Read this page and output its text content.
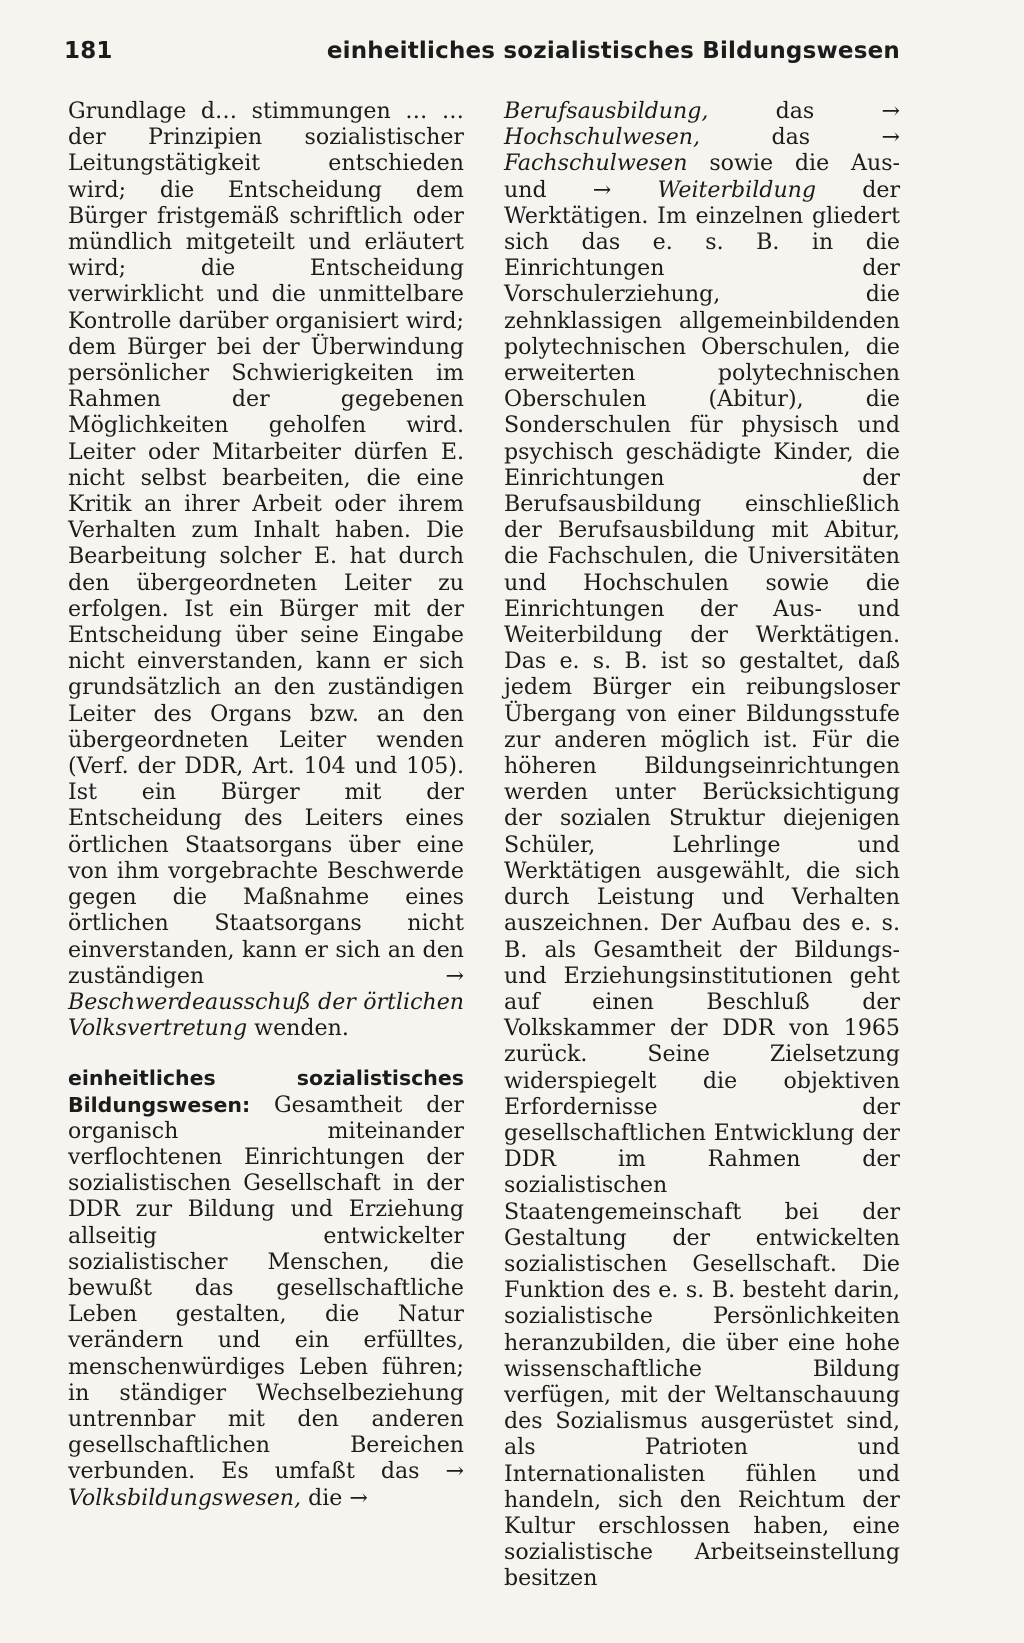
181	einheitliches sozialistisches Bildungswesen

Grundlage d… stimmungen … … der Prinzipien sozialistischer Leitungstätigkeit entschieden wird; die Entscheidung dem Bürger fristgemäß schriftlich oder mündlich mitgeteilt und erläutert wird; die Entscheidung verwirklicht und die unmittelbare Kontrolle darüber organisiert wird; dem Bürger bei der Überwindung persönlicher Schwierigkeiten im Rahmen der gegebenen Möglichkeiten geholfen wird. Leiter oder Mitarbeiter dürfen E. nicht selbst bearbeiten, die eine Kritik an ihrer Arbeit oder ihrem Verhalten zum Inhalt haben. Die Bearbeitung solcher E. hat durch den übergeordneten Leiter zu erfolgen. Ist ein Bürger mit der Entscheidung über seine Eingabe nicht einverstanden, kann er sich grundsätzlich an den zuständigen Leiter des Organs bzw. an den übergeordneten Leiter wenden (Verf. der DDR, Art. 104 und 105). Ist ein Bürger mit der Entscheidung des Leiters eines örtlichen Staatsorgans über eine von ihm vorgebrachte Beschwerde gegen die Maßnahme eines örtlichen Staatsorgans nicht einverstanden, kann er sich an den zuständigen	→ Beschwerdeausschuß der örtlichen Volksvertretung wenden.

einheitliches sozialistisches Bildungswesen: Gesamtheit der organisch miteinander verflochtenen Einrichtungen der sozialistischen Gesellschaft in der DDR zur Bildung und Erziehung allseitig entwickelter sozialistischer Menschen, die bewußt das gesellschaftliche Leben gestalten, die Natur verändern und ein erfülltes, menschenwürdiges Leben führen; in ständiger Wechselbeziehung untrennbar mit den anderen gesellschaftlichen Bereichen verbunden. Es umfaßt das → Volksbildungswesen, die →

Berufsausbildung,	das	→ Hochschulwesen,	das	→ Fachschulwesen sowie die Aus- und → Weiterbildung der Werktätigen. Im einzelnen gliedert sich das e. s. B. in die Einrichtungen der Vorschulerziehung, die zehnklassigen allgemeinbildenden polytechnischen Oberschulen, die erweiterten polytechnischen Oberschulen (Abitur), die Sonderschulen für physisch und psychisch geschädigte Kinder, die Einrichtungen der Berufsausbildung einschließlich der Berufsausbildung mit Abitur, die Fachschulen, die Universitäten und Hochschulen sowie die Einrichtungen der Aus- und Weiterbildung der Werktätigen. Das e. s. B. ist so gestaltet, daß jedem Bürger ein reibungsloser Übergang von einer Bildungsstufe zur anderen möglich ist. Für die höheren Bildungseinrichtungen werden unter Berücksichtigung der sozialen Struktur diejenigen Schüler, Lehrlinge und Werktätigen ausgewählt, die sich durch Leistung und Verhalten auszeichnen. Der Aufbau des e. s. B. als Gesamtheit der Bildungs- und Erziehungsinstitutionen geht auf einen Beschluß der Volkskammer der DDR von 1965 zurück. Seine Zielsetzung widerspiegelt die objektiven Erfordernisse der gesellschaftlichen Entwicklung der DDR im Rahmen der sozialistischen Staatengemeinschaft bei der Gestaltung der entwickelten sozialistischen Gesellschaft. Die Funktion des e. s. B. besteht darin, sozialistische Persönlichkeiten heranzubilden, die über eine hohe wissenschaftliche Bildung verfügen, mit der Weltanschauung des Sozialismus ausgerüstet sind, als Patrioten und Internationalisten fühlen und handeln, sich den Reichtum der Kultur erschlossen haben, eine sozialistische Arbeitseinstellung besitzen
